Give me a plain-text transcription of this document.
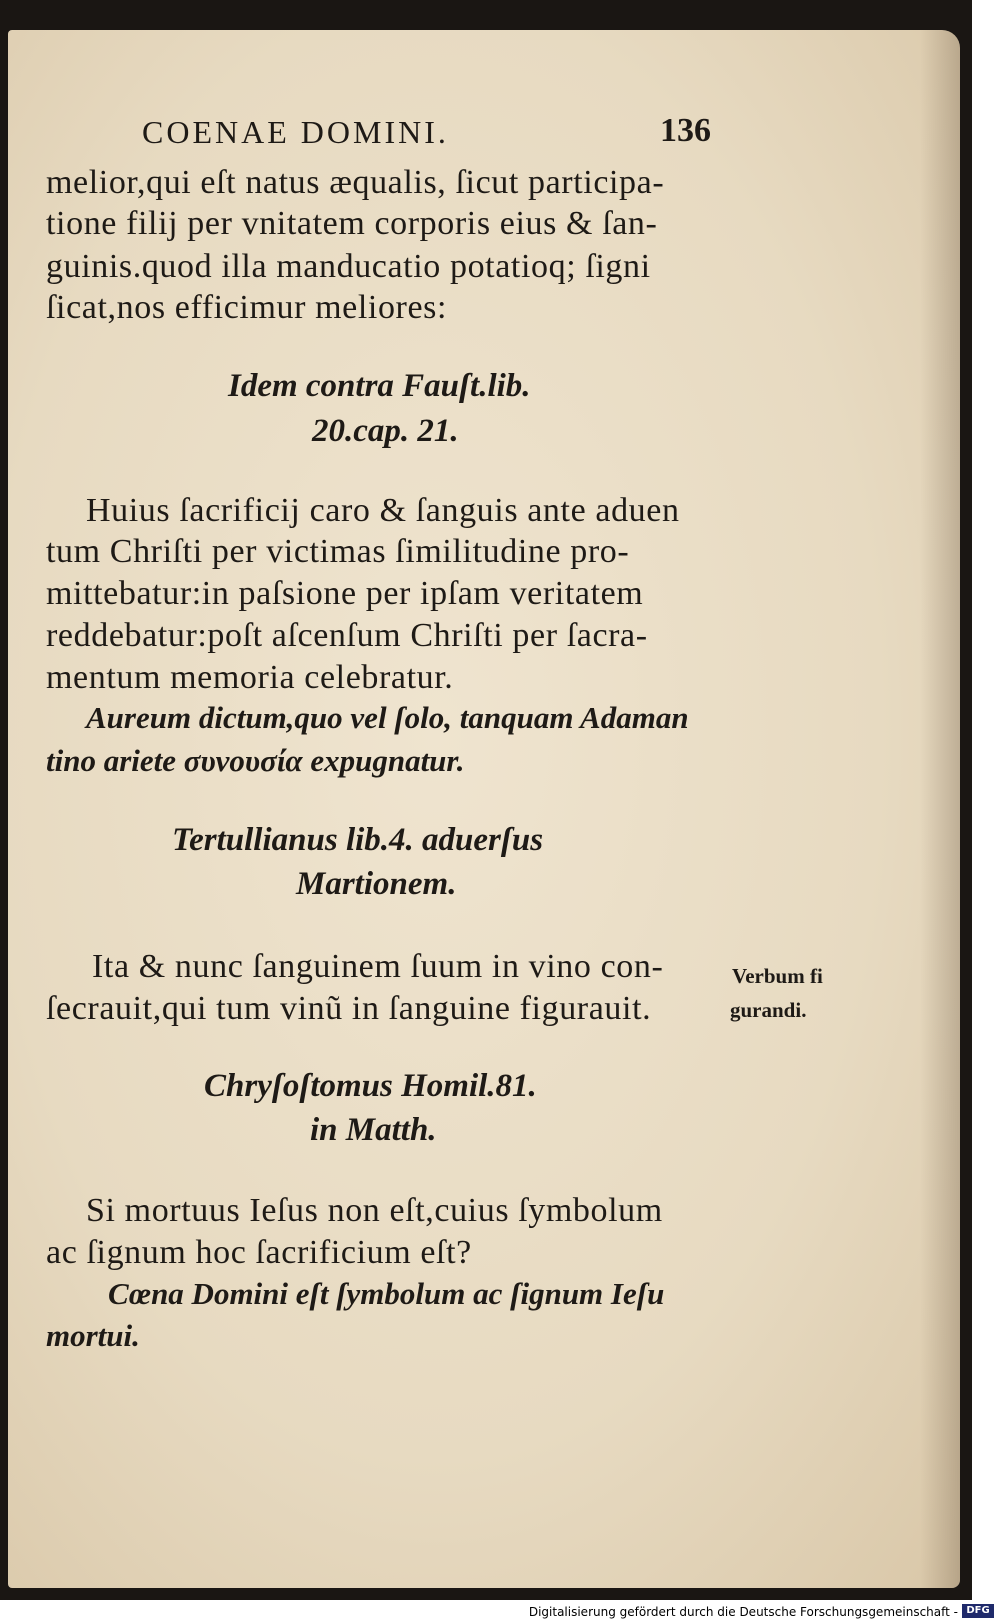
COENAE DOMINI.	136
melior,qui eſt natus æqualis, ſicut participa-
tione filij per vnitatem corporis eius & ſan-
guinis.quod illa manducatio potatioq; ſigni
ſicat,nos efficimur meliores:
Idem contra Fauſt.lib.
20.cap. 21.
Huius ſacrificij caro & ſanguis ante aduen
tum Chriſti per victimas ſimilitudine pro-
mittebatur:in paſsione per ipſam veritatem
reddebatur:poſt aſcenſum Chriſti per ſacra-
mentum memoria celebratur.
Aureum dictum,quo vel ſolo, tanquam Adaman
tino ariete συνουσία expugnatur.
Tertullianus lib.4. aduerſus
Martionem.
Ita & nunc ſanguinem ſuum in vino con-
ſecrauit,qui tum vinũ in ſanguine figurauit.
Verbum fi
gurandi.
Chryſoſtomus Homil.81.
in Matth.
Si mortuus Ieſus non eſt,cuius ſymbolum
ac ſignum hoc ſacrificium eſt?
Cœna Domini eſt ſymbolum ac ſignum Ieſu
mortui.
Digitalisierung gefördert durch die Deutsche Forschungsgemeinschaft - DFG
